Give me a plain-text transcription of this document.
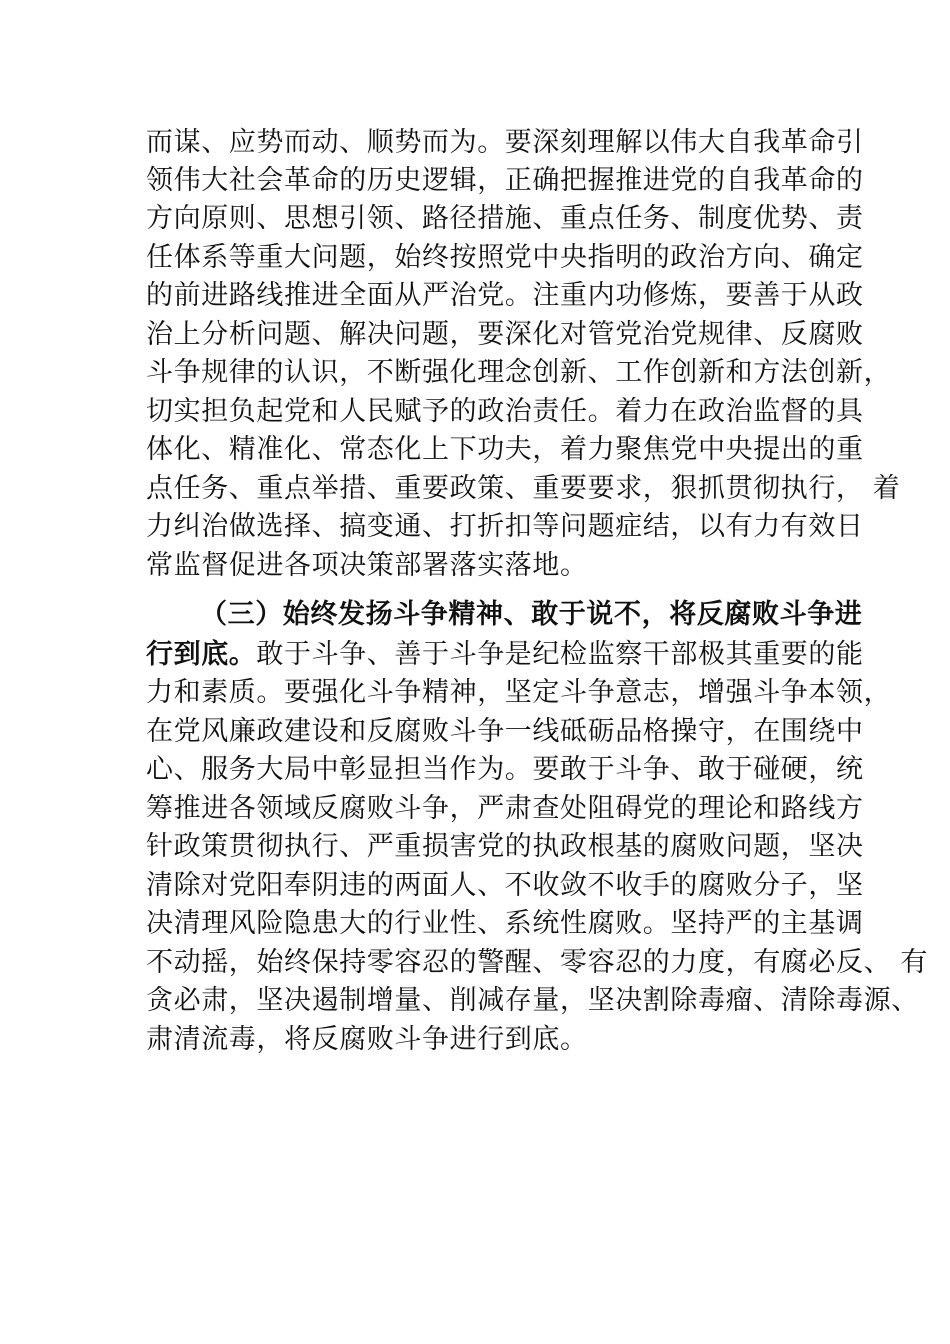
而谋、应势而动、顺势而为。要深刻理解以伟大自我革命引
领伟大社会革命的历史逻辑，正确把握推进党的自我革命的
方向原则、思想引领、路径措施、重点任务、制度优势、责
任体系等重大问题，始终按照党中央指明的政治方向、确定
的前进路线推进全面从严治党。注重内功修炼，要善于从政
治上分析问题、解决问题，要深化对管党治党规律、反腐败
斗争规律的认识，不断强化理念创新、工作创新和方法创新，
切实担负起党和人民赋予的政治责任。着力在政治监督的具
体化、精准化、常态化上下功夫，着力聚焦党中央提出的重
点任务、重点举措、重要政策、重要要求，狠抓贯彻执行， 着
力纠治做选择、搞变通、打折扣等问题症结，以有力有效日
常监督促进各项决策部署落实落地。
（三）始终发扬斗争精神、敢于说不，将反腐败斗争进
行到底。敢于斗争、善于斗争是纪检监察干部极其重要的能
力和素质。要强化斗争精神，坚定斗争意志，增强斗争本领，
在党风廉政建设和反腐败斗争一线砥砺品格操守，在围绕中
心、服务大局中彰显担当作为。要敢于斗争、敢于碰硬，统
筹推进各领域反腐败斗争，严肃查处阻碍党的理论和路线方
针政策贯彻执行、严重损害党的执政根基的腐败问题，坚决
清除对党阳奉阴违的两面人、不收敛不收手的腐败分子，坚
决清理风险隐患大的行业性、系统性腐败。坚持严的主基调
不动摇，始终保持零容忍的警醒、零容忍的力度，有腐必反、 有
贪必肃，坚决遏制增量、削减存量，坚决割除毒瘤、清除毒源、
肃清流毒，将反腐败斗争进行到底。
